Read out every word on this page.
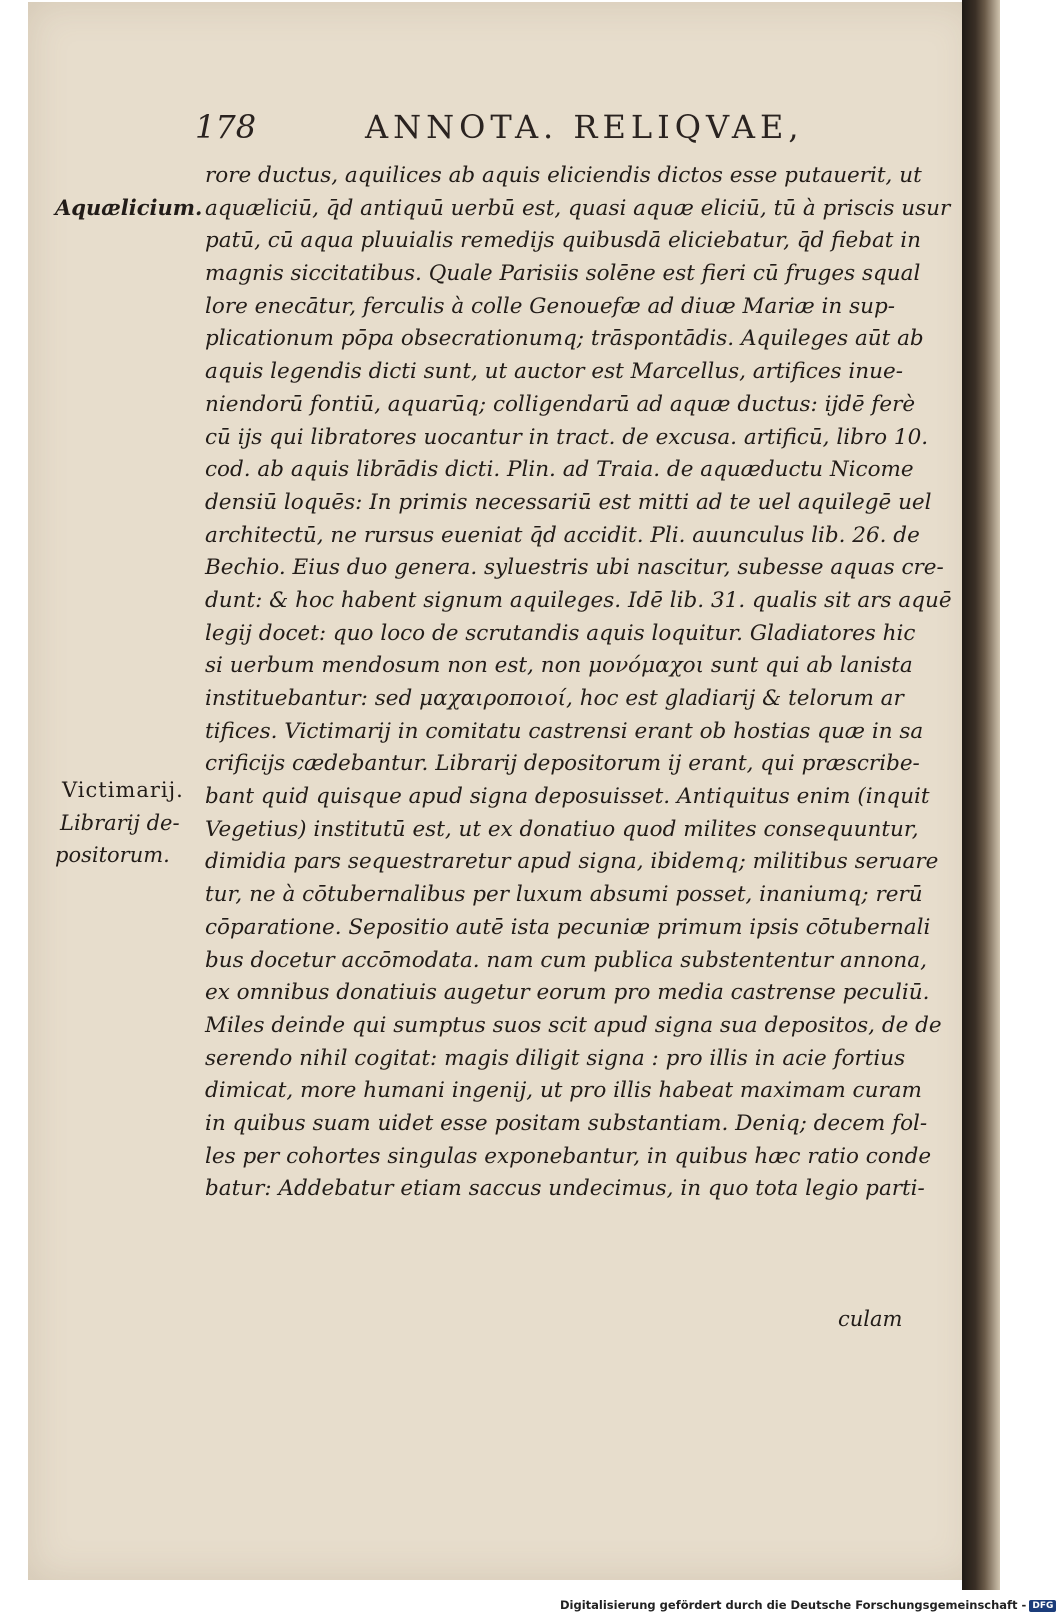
178	ANNOTA. RELIQVAE,
Aquælicium.
Victimarij.
Librarij de-
positorum.
rore ductus, aquilices ab aquis eliciendis dictos esse putauerit, ut
aquæliciū, q̄d antiquū uerbū est, quasi aquæ eliciū, tū à priscis usur
patū, cū aqua pluuialis remedijs quibusdā eliciebatur, q̄d fiebat in
magnis siccitatibus. Quale Parisiis solēne est fieri cū fruges squal
lore enecātur, ferculis à colle Genouefæ ad diuæ Mariæ in sup-
plicationum pōpa obsecrationumq; trāspontādis. Aquileges aūt ab
aquis legendis dicti sunt, ut auctor est Marcellus, artifices inue-
niendorū fontiū, aquarūq; colligendarū ad aquæ ductus: ijdē ferè
cū ijs qui libratores uocantur in tract. de excusa. artificū, libro 10.
cod. ab aquis librādis dicti. Plin. ad Traia. de aquæductu Nicome
densiū loquēs: In primis necessariū est mitti ad te uel aquilegē uel
architectū, ne rursus eueniat q̄d accidit. Pli. auunculus lib. 26. de
Bechio. Eius duo genera. syluestris ubi nascitur, subesse aquas cre-
dunt: & hoc habent signum aquileges. Idē lib. 31. qualis sit ars aquē
legij docet: quo loco de scrutandis aquis loquitur. Gladiatores hic
si uerbum mendosum non est, non μονόμαχοι sunt qui ab lanista
instituebantur: sed μαχαιροποιοί, hoc est gladiarij & telorum ar
tifices. Victimarij in comitatu castrensi erant ob hostias quæ in sa
crificijs cædebantur. Librarij depositorum ij erant, qui præscribe-
bant quid quisque apud signa deposuisset. Antiquitus enim (inquit
Vegetius) institutū est, ut ex donatiuo quod milites consequuntur,
dimidia pars sequestraretur apud signa, ibidemq; militibus seruare
tur, ne à cōtubernalibus per luxum absumi posset, inaniumq; rerū
cōparatione. Sepositio autē ista pecuniæ primum ipsis cōtubernali
bus docetur accōmodata. nam cum publica substententur annona,
ex omnibus donatiuis augetur eorum pro media castrense peculiū.
Miles deinde qui sumptus suos scit apud signa sua depositos, de de
serendo nihil cogitat: magis diligit signa : pro illis in acie fortius
dimicat, more humani ingenij, ut pro illis habeat maximam curam
in quibus suam uidet esse positam substantiam. Deniq; decem fol-
les per cohortes singulas exponebantur, in quibus hæc ratio conde
batur: Addebatur etiam saccus undecimus, in quo tota legio parti-
culam
Digitalisierung gefördert durch die Deutsche Forschungsgemeinschaft - DFG
